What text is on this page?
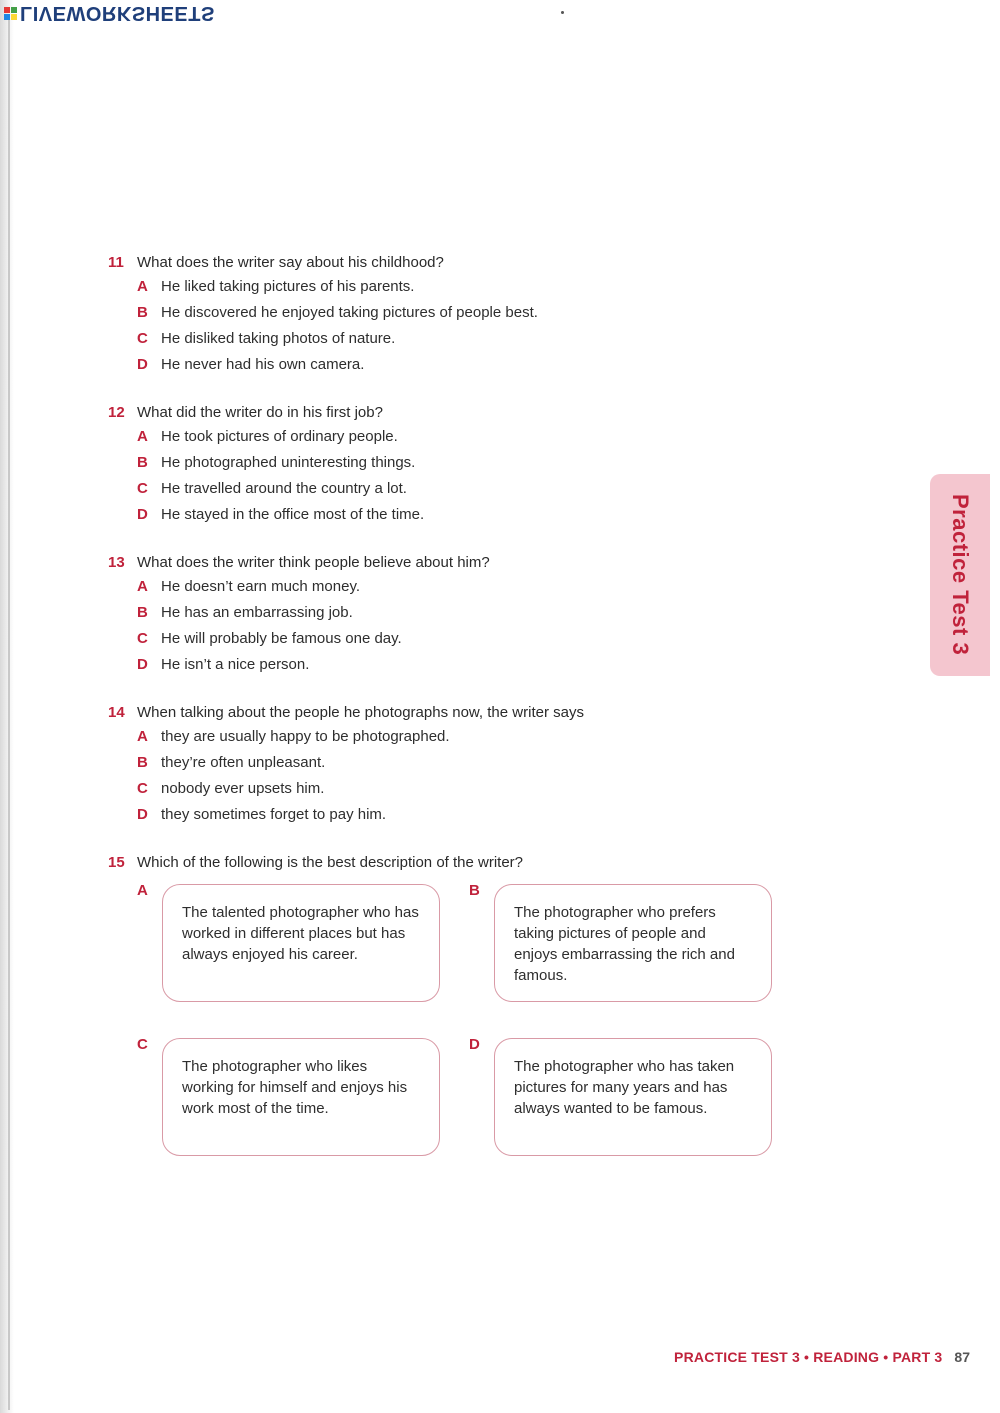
LIVEWORKSHEETS
11 What does the writer say about his childhood?
A He liked taking pictures of his parents.
B He discovered he enjoyed taking pictures of people best.
C He disliked taking photos of nature.
D He never had his own camera.
12 What did the writer do in his first job?
A He took pictures of ordinary people.
B He photographed uninteresting things.
C He travelled around the country a lot.
D He stayed in the office most of the time.
13 What does the writer think people believe about him?
A He doesn’t earn much money.
B He has an embarrassing job.
C He will probably be famous one day.
D He isn’t a nice person.
14 When talking about the people he photographs now, the writer says
A they are usually happy to be photographed.
B they’re often unpleasant.
C nobody ever upsets him.
D they sometimes forget to pay him.
15 Which of the following is the best description of the writer?
A
The talented photographer who has worked in different places but has always enjoyed his career.
B
The photographer who prefers taking pictures of people and enjoys embarrassing the rich and famous.
C
The photographer who likes working for himself and enjoys his work most of the time.
D
The photographer who has taken pictures for many years and has always wanted to be famous.
Practice Test 3
PRACTICE TEST 3 • READING • PART 3 87
